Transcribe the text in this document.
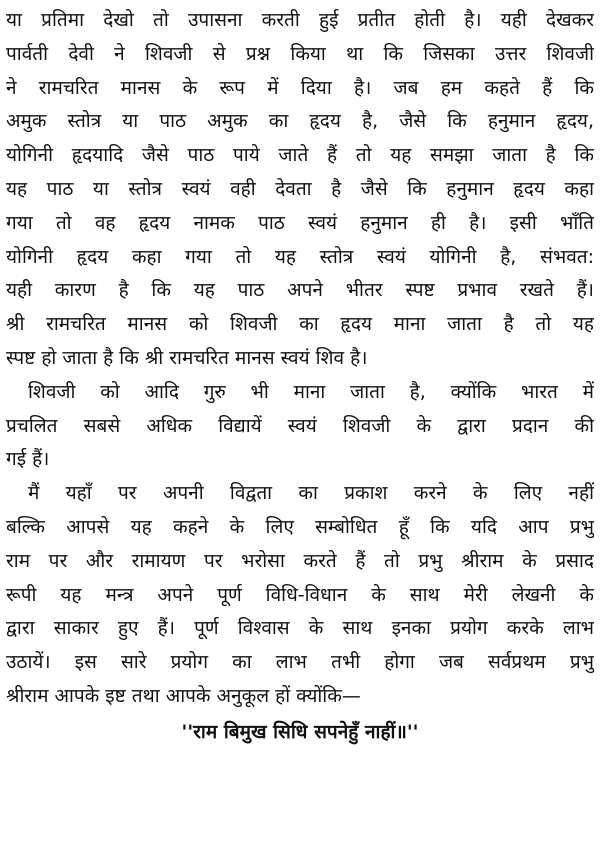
या प्रतिमा देखो तो उपासना करती हुई प्रतीत होती है। यही देखकर
पार्वती देवी ने शिवजी से प्रश्न किया था कि जिसका उत्तर शिवजी
ने रामचरित मानस के रूप में दिया है। जब हम कहते हैं कि
अमुक स्तोत्र या पाठ अमुक का हृदय है, जैसे कि हनुमान हृदय,
योगिनी हृदयादि जैसे पाठ पाये जाते हैं तो यह समझा जाता है कि
यह पाठ या स्तोत्र स्वयं वही देवता है जैसे कि हनुमान हृदय कहा
गया तो वह हृदय नामक पाठ स्वयं हनुमान ही है। इसी भाँति
योगिनी हृदय कहा गया तो यह स्तोत्र स्वयं योगिनी है, संभवत:
यही कारण है कि यह पाठ अपने भीतर स्पष्ट प्रभाव रखते हैं।
श्री रामचरित मानस को शिवजी का हृदय माना जाता है तो यह
स्पष्ट हो जाता है कि श्री रामचरित मानस स्वयं शिव है।
शिवजी को आदि गुरु भी माना जाता है, क्योंकि भारत में
प्रचलित सबसे अधिक विद्यायें स्वयं शिवजी के द्वारा प्रदान की
गई हैं।
मैं यहाँ पर अपनी विद्वता का प्रकाश करने के लिए नहीं
बल्कि आपसे यह कहने के लिए सम्बोधित हूँ कि यदि आप प्रभु
राम पर और रामायण पर भरोसा करते हैं तो प्रभु श्रीराम के प्रसाद
रूपी यह मन्त्र अपने पूर्ण विधि-विधान के साथ मेरी लेखनी के
द्वारा साकार हुए हैं। पूर्ण विश्वास के साथ इनका प्रयोग करके लाभ
उठायें। इस सारे प्रयोग का लाभ तभी होगा जब सर्वप्रथम प्रभु
श्रीराम आपके इष्ट तथा आपके अनुकूल हों क्योंकि—
''राम बिमुख सिधि सपनेहुँ नाहीं॥''
